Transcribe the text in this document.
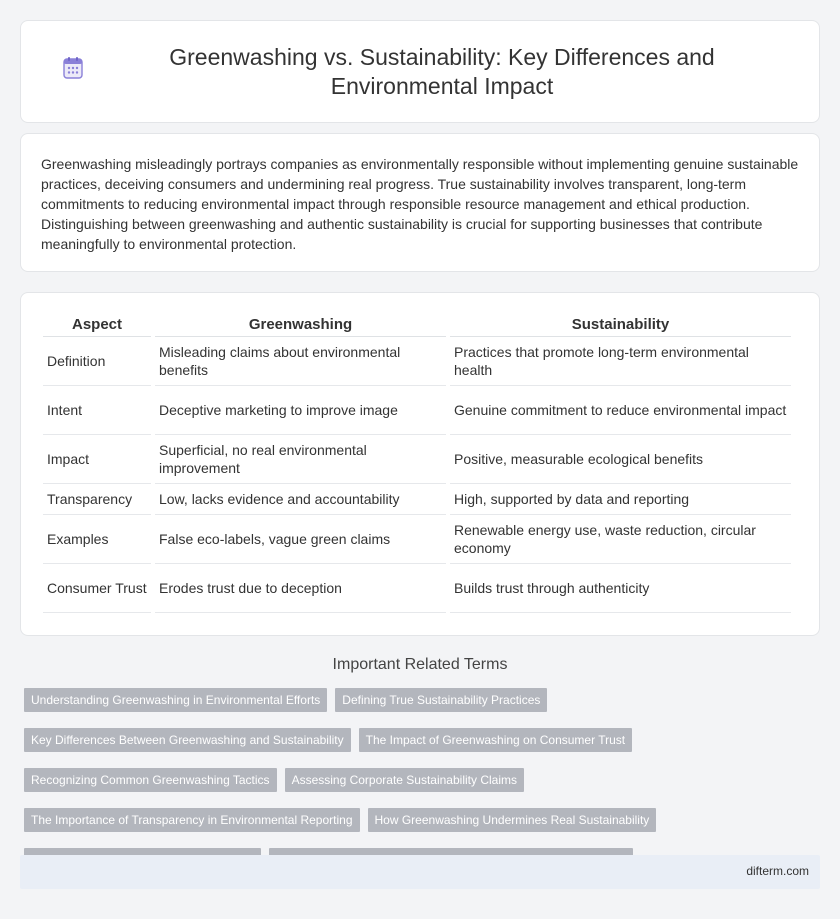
Greenwashing vs. Sustainability: Key Differences and Environmental Impact

Greenwashing misleadingly portrays companies as environmentally responsible without implementing genuine sustainable practices, deceiving consumers and undermining real progress. True sustainability involves transparent, long-term commitments to reducing environmental impact through responsible resource management and ethical production. Distinguishing between greenwashing and authentic sustainability is crucial for supporting businesses that contribute meaningfully to environmental protection.

Aspect	Greenwashing	Sustainability
Definition	Misleading claims about environmental benefits	Practices that promote long-term environmental health
Intent	Deceptive marketing to improve image	Genuine commitment to reduce environmental impact
Impact	Superficial, no real environmental improvement	Positive, measurable ecological benefits
Transparency	Low, lacks evidence and accountability	High, supported by data and reporting
Examples	False eco-labels, vague green claims	Renewable energy use, waste reduction, circular economy
Consumer Trust	Erodes trust due to deception	Builds trust through authenticity
Important Related Terms
Understanding Greenwashing in Environmental Efforts	Defining True Sustainability Practices
Key Differences Between Greenwashing and Sustainability	The Impact of Greenwashing on Consumer Trust
Recognizing Common Greenwashing Tactics	Assessing Corporate Sustainability Claims
The Importance of Transparency in Environmental Reporting	How Greenwashing Undermines Real Sustainability
difterm.com
